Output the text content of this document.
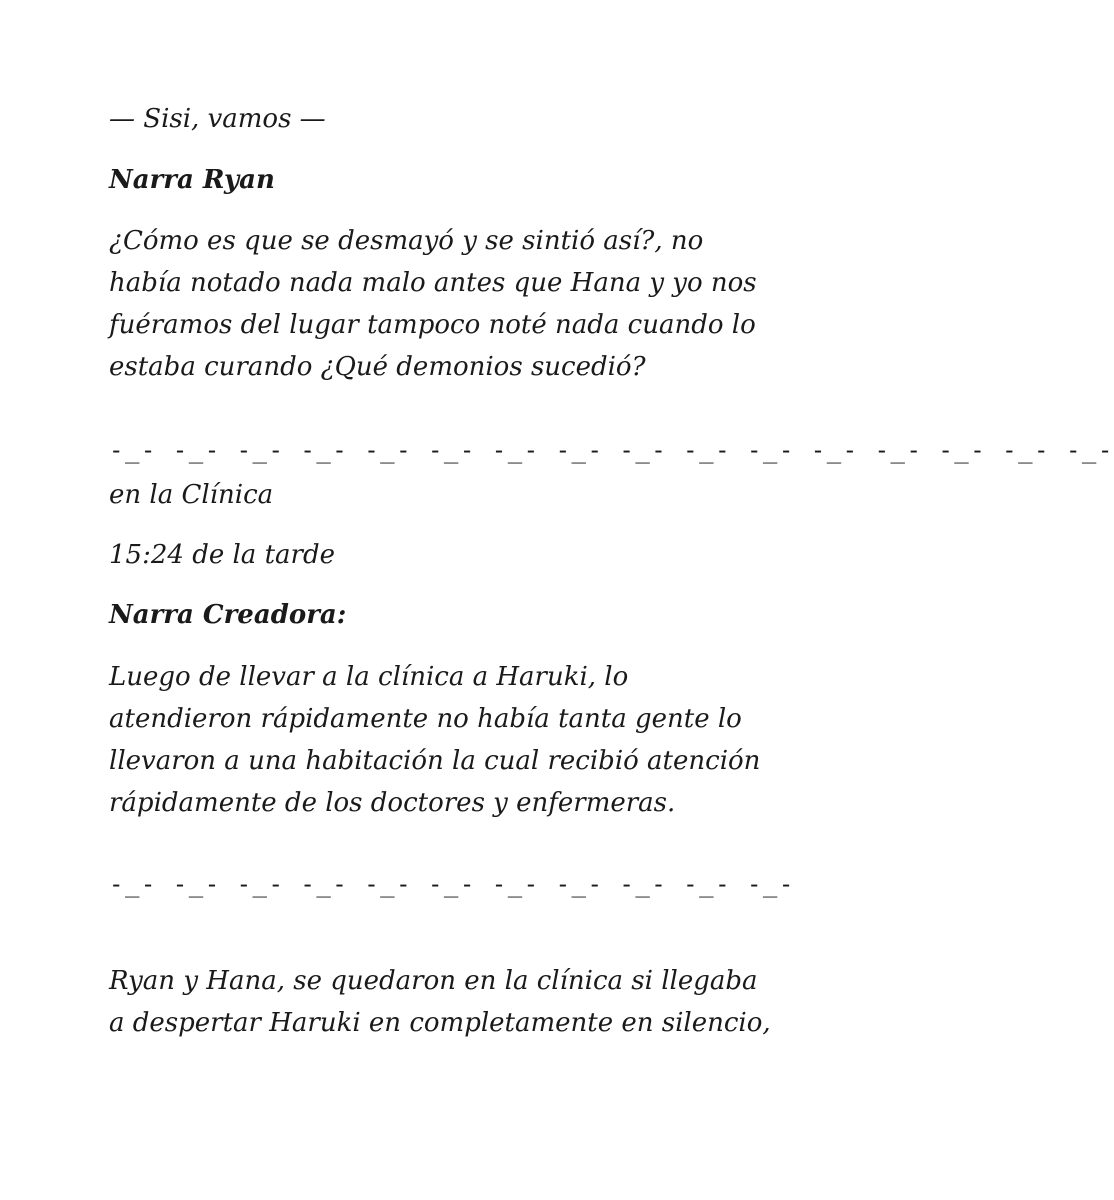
— Sisi, vamos —

Narra Ryan

¿Cómo es que se desmayó y se sintió así?, no
había notado nada malo antes que Hana y yo nos
fuéramos del lugar tampoco noté nada cuando lo
estaba curando ¿Qué demonios sucedió?

-_- -_- -_- -_- -_- -_- -_- -_- -_- -_- -_- -_- -_- -_- -_- -_-

en la Clínica

15:24 de la tarde

Narra Creadora:

Luego de llevar a la clínica a Haruki, lo
atendieron rápidamente no había tanta gente lo
llevaron a una habitación la cual recibió atención
rápidamente de los doctores y enfermeras.

-_- -_- -_- -_- -_- -_- -_- -_- -_- -_- -_-

Ryan y Hana, se quedaron en la clínica si llegaba
a despertar Haruki en completamente en silencio,
